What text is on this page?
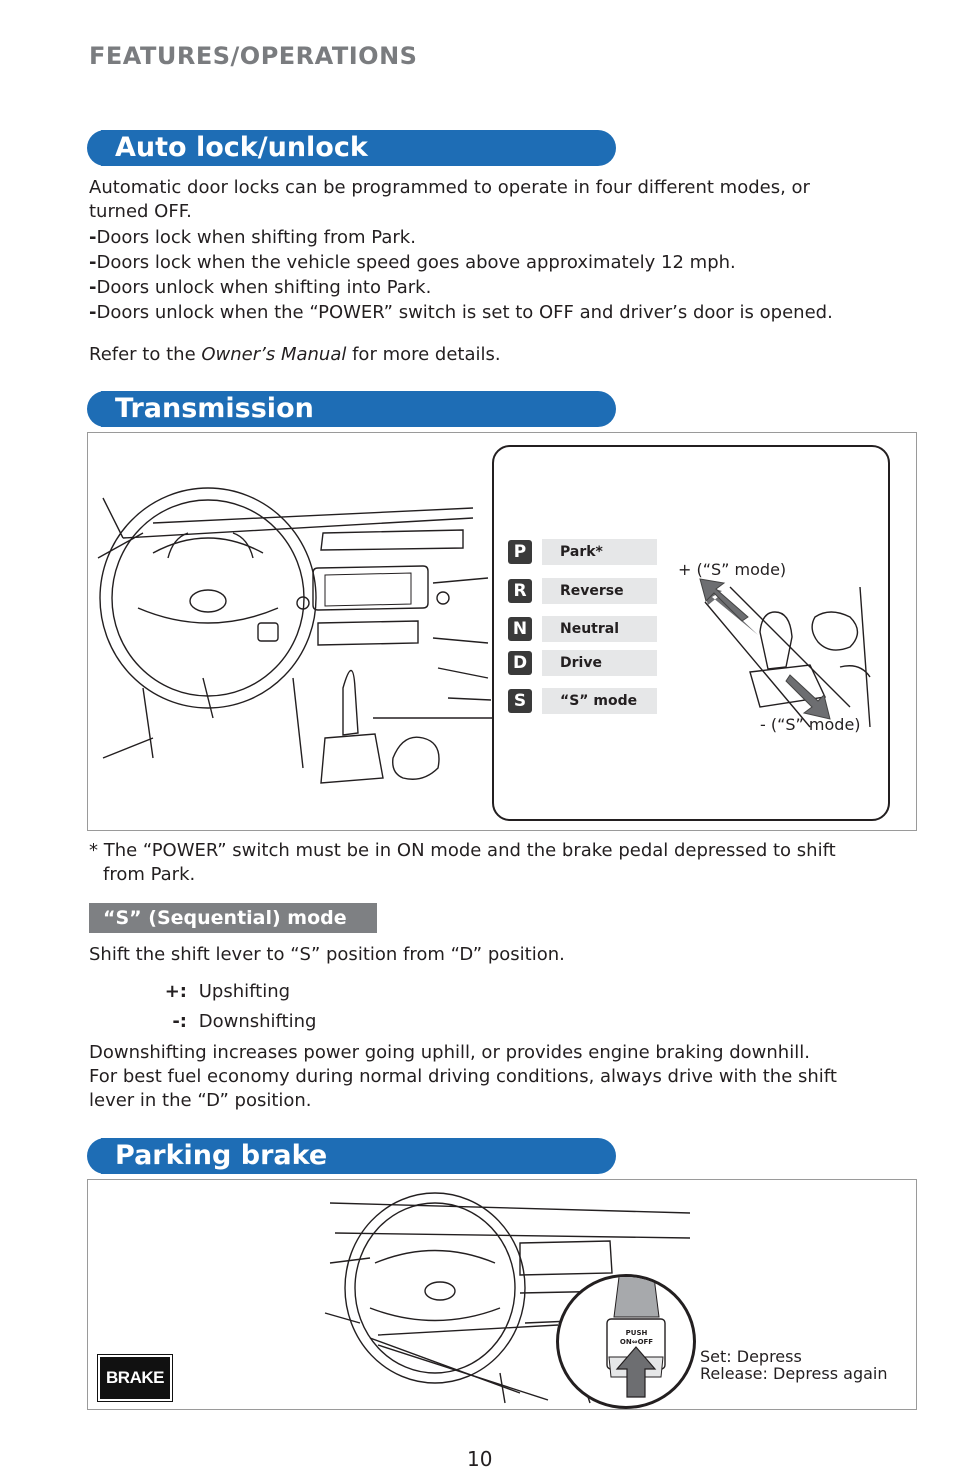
FEATURES/OPERATIONS
Auto lock/unlock
Automatic door locks can be programmed to operate in four different modes, or
turned OFF.
-Doors lock when shifting from Park.
-Doors lock when the vehicle speed goes above approximately 12 mph.
-Doors unlock when shifting into Park.
-Doors unlock when the “POWER” switch is set to OFF and driver’s door is opened.
Refer to the Owner’s Manual for more details.
Transmission
P	Park*
R	Reverse
N	Neutral
D	Drive
S	“S” mode
+ (“S” mode)
- (“S” mode)
* The “POWER” switch must be in ON mode and the brake pedal depressed to shift
from Park.
“S” (Sequential) mode
Shift the shift lever to “S” position from “D” position.
+: Upshifting
-: Downshifting
Downshifting increases power going uphill, or provides engine braking downhill.
For best fuel economy during normal driving conditions, always drive with the shift
lever in the “D” position.
Parking brake
BRAKE
PUSH
ON⇔OFF
Set: Depress
Release: Depress again
10
